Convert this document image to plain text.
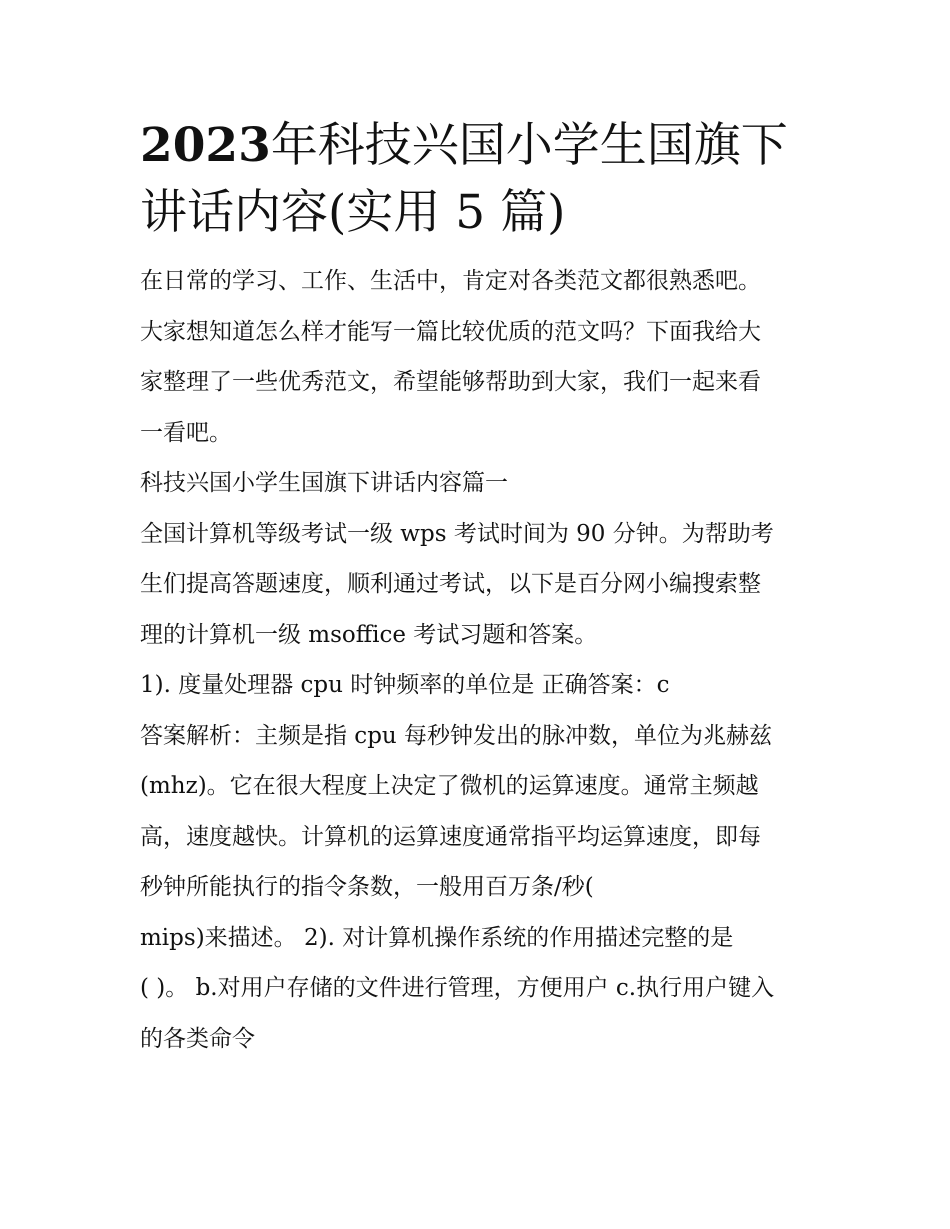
2023年科技兴国小学生国旗下
讲话内容(实用 5 篇)

在日常的学习、工作、生活中，肯定对各类范文都很熟悉吧。
大家想知道怎么样才能写一篇比较优质的范文吗？下面我给大
家整理了一些优秀范文，希望能够帮助到大家，我们一起来看
一看吧。

科技兴国小学生国旗下讲话内容篇一

全国计算机等级考试一级 wps 考试时间为 90 分钟。为帮助考
生们提高答题速度，顺利通过考试，以下是百分网小编搜索整
理的计算机一级 msoffice 考试习题和答案。

1). 度量处理器 cpu 时钟频率的单位是 正确答案：c

答案解析：主频是指 cpu 每秒钟发出的脉冲数，单位为兆赫兹
(mhz)。它在很大程度上决定了微机的运算速度。通常主频越
高，速度越快。计算机的运算速度通常指平均运算速度，即每
秒钟所能执行的指令条数，一般用百万条/秒(
mips)来描述。 2). 对计算机操作系统的作用描述完整的是
( )。 b.对用户存储的文件进行管理，方便用户 c.执行用户键入
的各类命令
